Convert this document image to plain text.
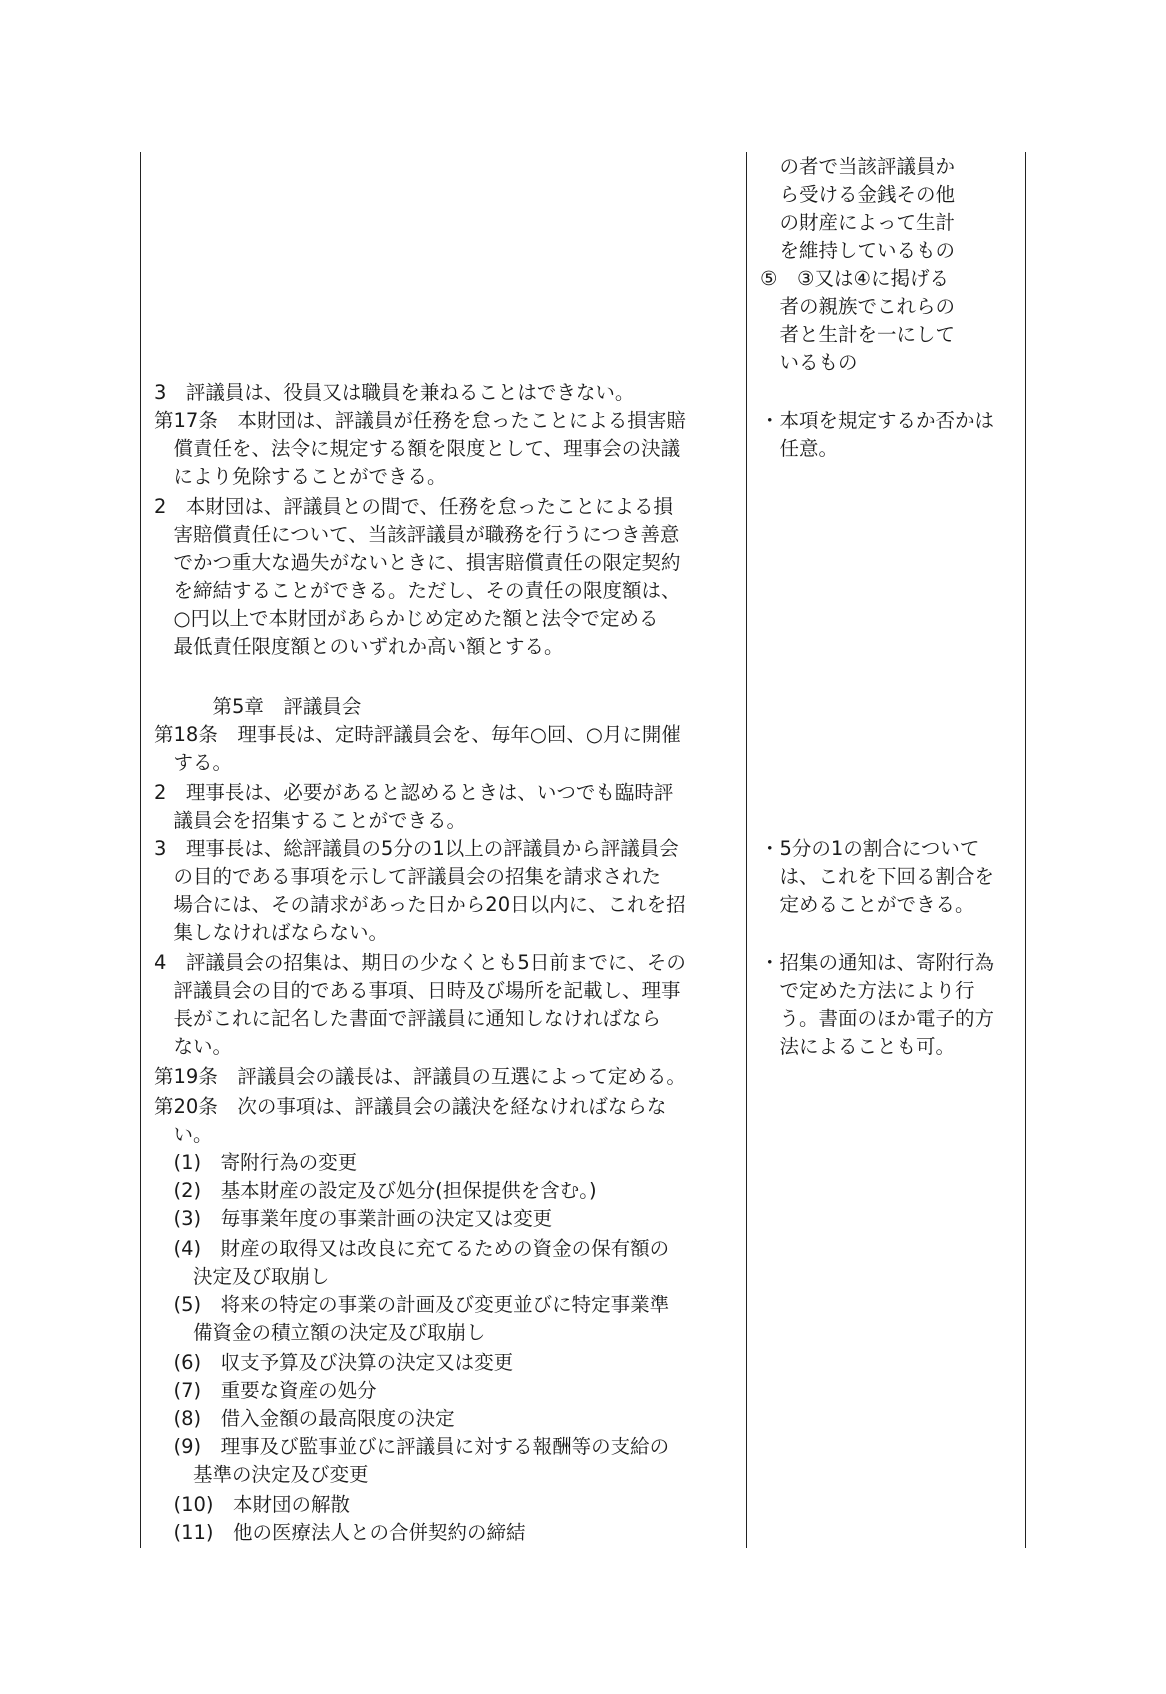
3　評議員は、役員又は職員を兼ねることはできない。
第17条　本財団は、評議員が任務を怠ったことによる損害賠
　償責任を、法令に規定する額を限度として、理事会の決議
　により免除することができる。
2　本財団は、評議員との間で、任務を怠ったことによる損
　害賠償責任について、当該評議員が職務を行うにつき善意
　でかつ重大な過失がないときに、損害賠償責任の限定契約
　を締結することができる。ただし、その責任の限度額は、
　○円以上で本財団があらかじめ定めた額と法令で定める
　最低責任限度額とのいずれか高い額とする。
　　　第5章　評議員会
第18条　理事長は、定時評議員会を、毎年○回、○月に開催
　する。
2　理事長は、必要があると認めるときは、いつでも臨時評
　議員会を招集することができる。
3　理事長は、総評議員の5分の1以上の評議員から評議員会
　の目的である事項を示して評議員会の招集を請求された
　場合には、その請求があった日から20日以内に、これを招
　集しなければならない。
4　評議員会の招集は、期日の少なくとも5日前までに、その
　評議員会の目的である事項、日時及び場所を記載し、理事
　長がこれに記名した書面で評議員に通知しなければなら
　ない。
第19条　評議員会の議長は、評議員の互選によって定める。
第20条　次の事項は、評議員会の議決を経なければならな
　い。
　(1)　寄附行為の変更
　(2)　基本財産の設定及び処分(担保提供を含む。)
　(3)　毎事業年度の事業計画の決定又は変更
　(4)　財産の取得又は改良に充てるための資金の保有額の
　　決定及び取崩し
　(5)　将来の特定の事業の計画及び変更並びに特定事業準
　　備資金の積立額の決定及び取崩し
　(6)　収支予算及び決算の決定又は変更
　(7)　重要な資産の処分
　(8)　借入金額の最高限度の決定
　(9)　理事及び監事並びに評議員に対する報酬等の支給の
　　基準の決定及び変更
　(10)　本財団の解散
　(11)　他の医療法人との合併契約の締結
　の者で当該評議員か
　ら受ける金銭その他
　の財産によって生計
　を維持しているもの
⑤　③又は④に掲げる
　者の親族でこれらの
　者と生計を一にして
　いるもの
・本項を規定するか否かは
　任意。
・5分の1の割合について
　は、これを下回る割合を
　定めることができる。
・招集の通知は、寄附行為
　で定めた方法により行
　う。書面のほか電子的方
　法によることも可。
